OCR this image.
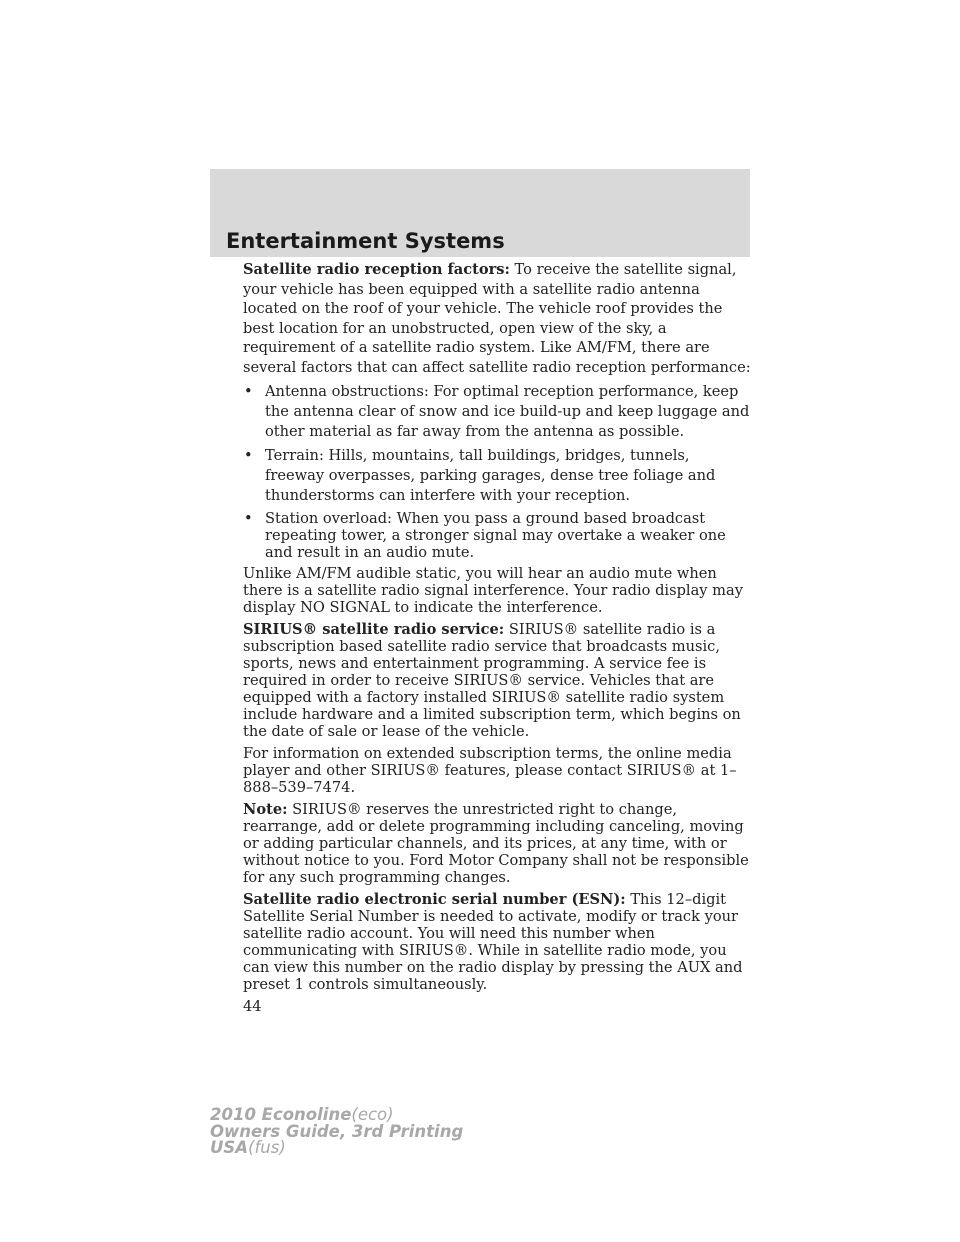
Entertainment Systems

Satellite radio reception factors: To receive the satellite signal, your vehicle has been equipped with a satellite radio antenna located on the roof of your vehicle. The vehicle roof provides the best location for an unobstructed, open view of the sky, a requirement of a satellite radio system. Like AM/FM, there are several factors that can affect satellite radio reception performance:

• Antenna obstructions: For optimal reception performance, keep the antenna clear of snow and ice build-up and keep luggage and other material as far away from the antenna as possible.
• Terrain: Hills, mountains, tall buildings, bridges, tunnels, freeway overpasses, parking garages, dense tree foliage and thunderstorms can interfere with your reception.
• Station overload: When you pass a ground based broadcast repeating tower, a stronger signal may overtake a weaker one and result in an audio mute.

Unlike AM/FM audible static, you will hear an audio mute when there is a satellite radio signal interference. Your radio display may display NO SIGNAL to indicate the interference.

SIRIUS® satellite radio service: SIRIUS® satellite radio is a subscription based satellite radio service that broadcasts music, sports, news and entertainment programming. A service fee is required in order to receive SIRIUS® service. Vehicles that are equipped with a factory installed SIRIUS® satellite radio system include hardware and a limited subscription term, which begins on the date of sale or lease of the vehicle.

For information on extended subscription terms, the online media player and other SIRIUS® features, please contact SIRIUS® at 1–888–539–7474.

Note: SIRIUS® reserves the unrestricted right to change, rearrange, add or delete programming including canceling, moving or adding particular channels, and its prices, at any time, with or without notice to you. Ford Motor Company shall not be responsible for any such programming changes.

Satellite radio electronic serial number (ESN): This 12–digit Satellite Serial Number is needed to activate, modify or track your satellite radio account. You will need this number when communicating with SIRIUS®. While in satellite radio mode, you can view this number on the radio display by pressing the AUX and preset 1 controls simultaneously.

44
2010 Econoline(eco)
Owners Guide, 3rd Printing
USA(fus)
